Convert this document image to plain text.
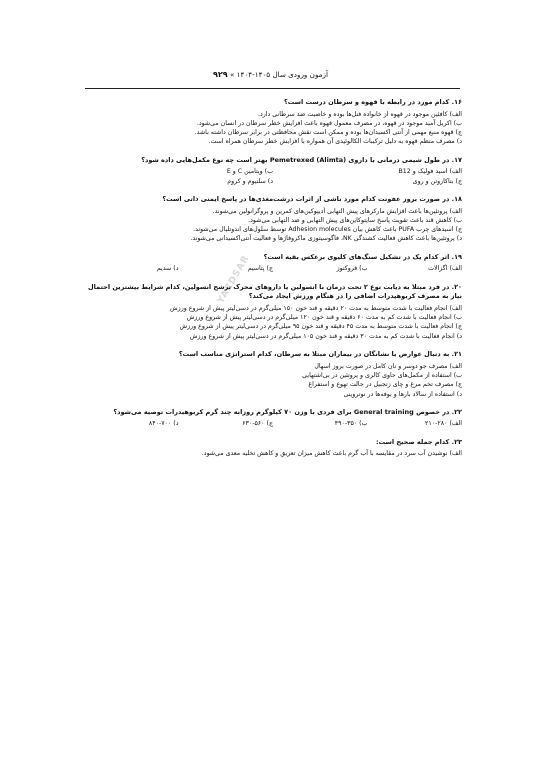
آزمون ورودی سال ۱۴۰۵-۱۴۰۴ » ۹۲۹
YAZDSAR
۱۶. کدام مورد در رابطه با قهوه و سرطان درست است؟
الف) کافئین موجود در قهوه از خانواده فنل‌ها بوده و خاصیت ضد سرطانی دارد.
ب) اکریل آمید موجود در قهوه، در مصرف معمول قهوه باعث افزایش خطر سرطان در انسان می‌شود.
ج) قهوه منبع مهمی از آنتی اکسیدان‌ها بوده و ممکن است نقش محافظتی در برابر سرطان داشته باشد.
د) مصرف منظم قهوه به دلیل ترکیبات الکالوئیدی آن همواره با افزایش خطر سرطان همراه است.
۱۷. در طول شیمی درمانی با داروی Pemetrexed (Alimta) بهتر است چه نوع مکمل‌هایی داده شود؟
الف) اسید فولیک و B12
ب) ویتامین C و E
ج) بتاکاروتن و روی
د) سلنیوم و کروم
۱۸. در صورت بروز عفونت کدام مورد ناشی از اثرات درشت‌مغذی‌ها در پاسخ ایمنی ذاتی است؟
الف) پروتئین‌ها باعث افزایش مارکرهای پیش التهابی اَدیپوکین‌های کمرین و پروگرانولین می‌شوند.
ب) کاهش قند باعث تقویت پاسخ سایتوکاین‌های پیش التهابی و ضد التهابی می‌شود.
ج) اسیدهای چرب PUFA باعث کاهش بیان Adhesion molecules توسط سلول‌های اندوتلیال می‌شوند.
د) پروتئین‌ها باعث کاهش فعالیت کشندگی NK، فاگوسیتوزی ماکروفاژها و فعالیت آنتی‌اکسیدانی می‌شوند.
۱۹. اثر کدام یک در تشکیل سنگ‌های کلیوی برعکس بقیه است؟
الف) اگزالات
ب) فروکتوز
ج) پتاسیم
د) سدیم
۲۰. در فرد مبتلا به دیابت نوع ۲ تحت درمان با انسولین یا داروهای محرک ترشح انسولین، کدام شرایط بیشترین احتمال نیاز به مصرف کربوهیدرات اضافی را در هنگام ورزش ایجاد می‌کند؟
الف) انجام فعالیت با شدت متوسط به مدت ۲۰ دقیقه و قند خون ۱۵۰ میلی‌گرم در دسی‌لیتر پیش از شروع ورزش
ب) انجام فعالیت با شدت کم به مدت ۶۰ دقیقه و قند خون ۱۲۰ میلی‌گرم در دسی‌لیتر پیش از شروع ورزش
ج) انجام فعالیت با شدت متوسط به مدت ۴۵ دقیقه و قند خون ۹۵ میلی‌گرم در دسی‌لیتر پیش از شروع ورزش
د) انجام فعالیت با شدت کم به مدت ۳۰ دقیقه و قند خون ۱۰۵ میلی‌گرم در دسی‌لیتر پیش از شروع ورزش
۲۱. به دنبال عوارض یا نشانگان در بیماران مبتلا به سرطان، کدام استراتژی مناسب است؟
الف) مصرف جو دوسر و نان کامل در صورت بروز اسهال
ب) استفاده از مکمل‌های حاوی کالری و پروتئین در بی‌اشتهایی
ج) مصرف تخم مرغ و چای زنجبیل در حالت تهوع و استفراغ
د) استفاده از سالاد بارها و بوفه‌ها در نوتروپنی
۲۲. در خصوص General training برای فردی با وزن ۷۰ کیلوگرم روزانه چند گرم کربوهیدرات توصیه می‌شود؟
الف) ۲۸۰-۲۱۰
ب) ۳۵۰-۴۹۰
ج) ۵۶۰-۶۳۰
د) ۷۰۰-۸۴۰
۲۳. کدام جمله صحیح است:
الف) نوشیدن آب سرد در مقایسه با آب گرم باعث کاهش میزان تعریق و کاهش تخلیه معدی می‌شود.
